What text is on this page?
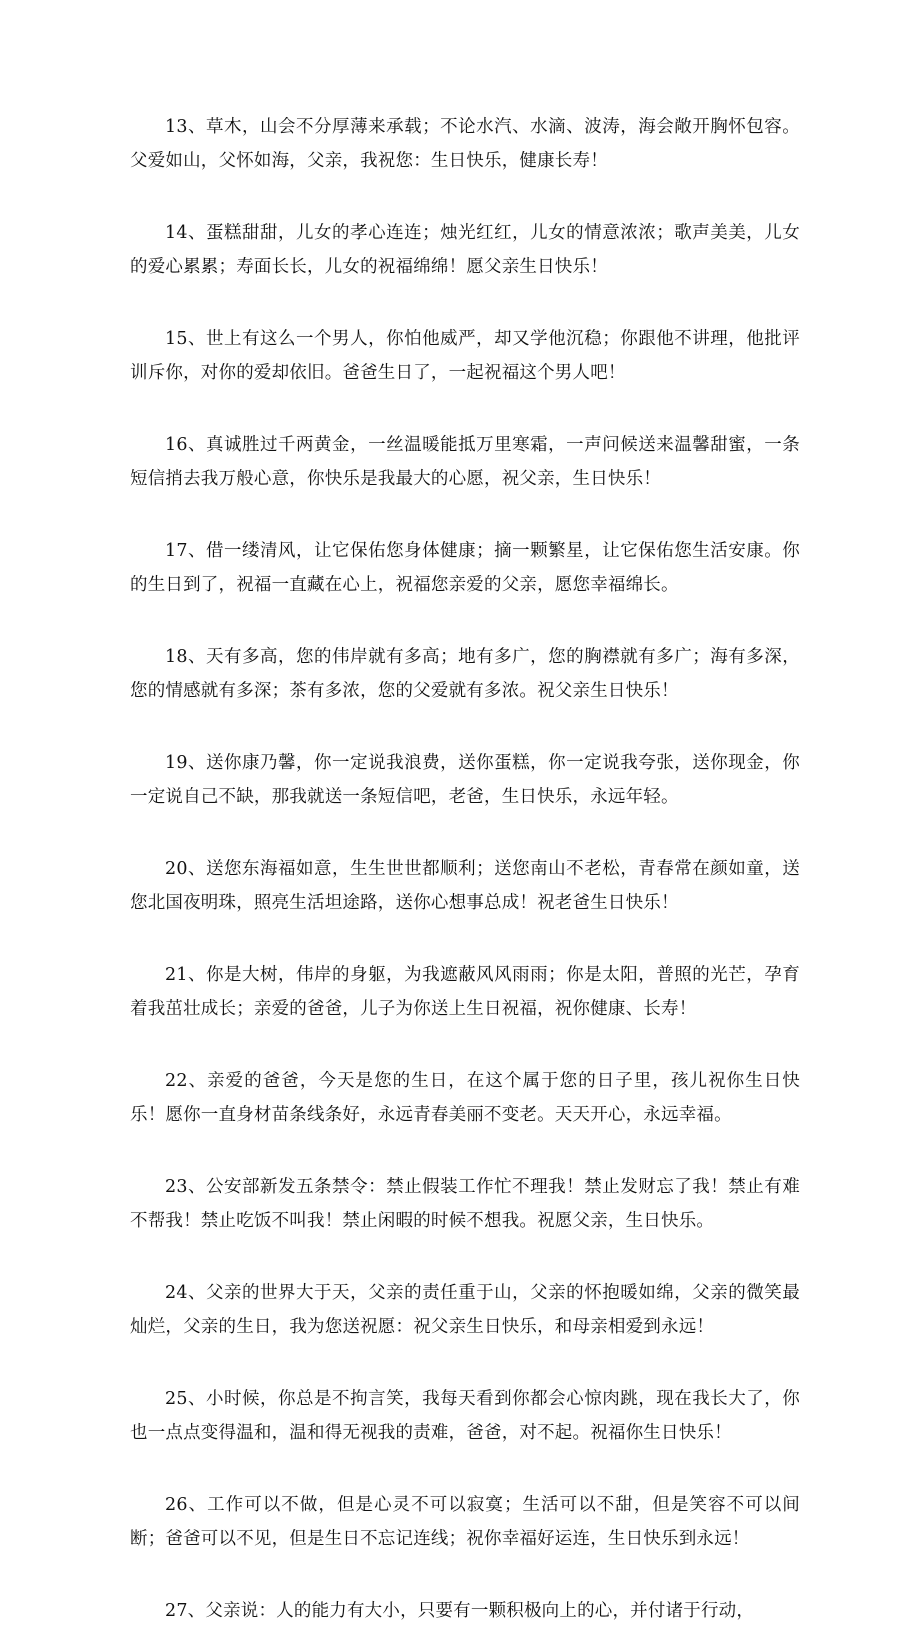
13、草木，山会不分厚薄来承载；不论水汽、水滴、波涛，海会敞开胸怀包容。父爱如山，父怀如海，父亲，我祝您：生日快乐，健康长寿！

14、蛋糕甜甜，儿女的孝心连连；烛光红红，儿女的情意浓浓；歌声美美，儿女的爱心累累；寿面长长，儿女的祝福绵绵！愿父亲生日快乐！

15、世上有这么一个男人，你怕他威严，却又学他沉稳；你跟他不讲理，他批评训斥你，对你的爱却依旧。爸爸生日了，一起祝福这个男人吧！

16、真诚胜过千两黄金，一丝温暖能抵万里寒霜，一声问候送来温馨甜蜜，一条短信捎去我万般心意，你快乐是我最大的心愿，祝父亲，生日快乐！

17、借一缕清风，让它保佑您身体健康；摘一颗繁星，让它保佑您生活安康。你的生日到了，祝福一直藏在心上，祝福您亲爱的父亲，愿您幸福绵长。

18、天有多高，您的伟岸就有多高；地有多广，您的胸襟就有多广；海有多深，您的情感就有多深；茶有多浓，您的父爱就有多浓。祝父亲生日快乐！

19、送你康乃馨，你一定说我浪费，送你蛋糕，你一定说我夸张，送你现金，你一定说自己不缺，那我就送一条短信吧，老爸，生日快乐，永远年轻。

20、送您东海福如意，生生世世都顺利；送您南山不老松，青春常在颜如童，送您北国夜明珠，照亮生活坦途路，送你心想事总成！祝老爸生日快乐！

21、你是大树，伟岸的身躯，为我遮蔽风风雨雨；你是太阳，普照的光芒，孕育着我茁壮成长；亲爱的爸爸，儿子为你送上生日祝福，祝你健康、长寿！

22、亲爱的爸爸，今天是您的生日，在这个属于您的日子里，孩儿祝你生日快乐！愿你一直身材苗条线条好，永远青春美丽不变老。天天开心，永远幸福。

23、公安部新发五条禁令：禁止假装工作忙不理我！禁止发财忘了我！禁止有难不帮我！禁止吃饭不叫我！禁止闲暇的时候不想我。祝愿父亲，生日快乐。

24、父亲的世界大于天，父亲的责任重于山，父亲的怀抱暖如绵，父亲的微笑最灿烂，父亲的生日，我为您送祝愿：祝父亲生日快乐，和母亲相爱到永远！

25、小时候，你总是不拘言笑，我每天看到你都会心惊肉跳，现在我长大了，你也一点点变得温和，温和得无视我的责难，爸爸，对不起。祝福你生日快乐！

26、工作可以不做，但是心灵不可以寂寞；生活可以不甜，但是笑容不可以间断；爸爸可以不见，但是生日不忘记连线；祝你幸福好运连，生日快乐到永远！

27、父亲说：人的能力有大小，只要有一颗积极向上的心，并付诸于行动，
